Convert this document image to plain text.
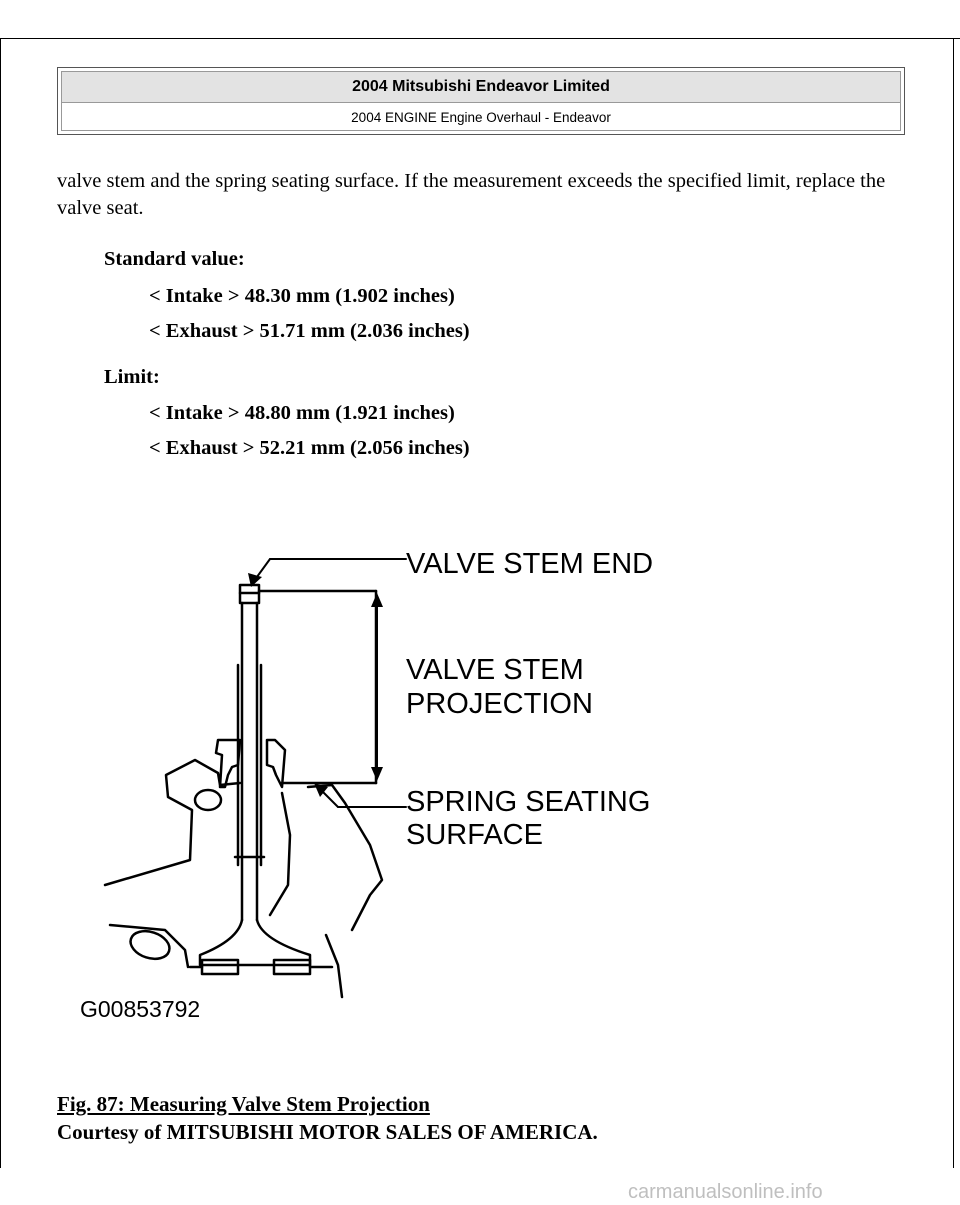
2004 Mitsubishi Endeavor Limited
2004 ENGINE Engine Overhaul - Endeavor
valve stem and the spring seating surface. If the measurement exceeds the specified limit, replace the valve seat.
Standard value:
< Intake > 48.30 mm (1.902 inches)
< Exhaust > 51.71 mm (2.036 inches)
Limit:
< Intake > 48.80 mm (1.921 inches)
< Exhaust > 52.21 mm (2.056 inches)
VALVE STEM END
VALVE STEM
PROJECTION
SPRING SEATING
SURFACE
G00853792
Fig. 87: Measuring Valve Stem Projection
Courtesy of MITSUBISHI MOTOR SALES OF AMERICA.
carmanualsonline.info
